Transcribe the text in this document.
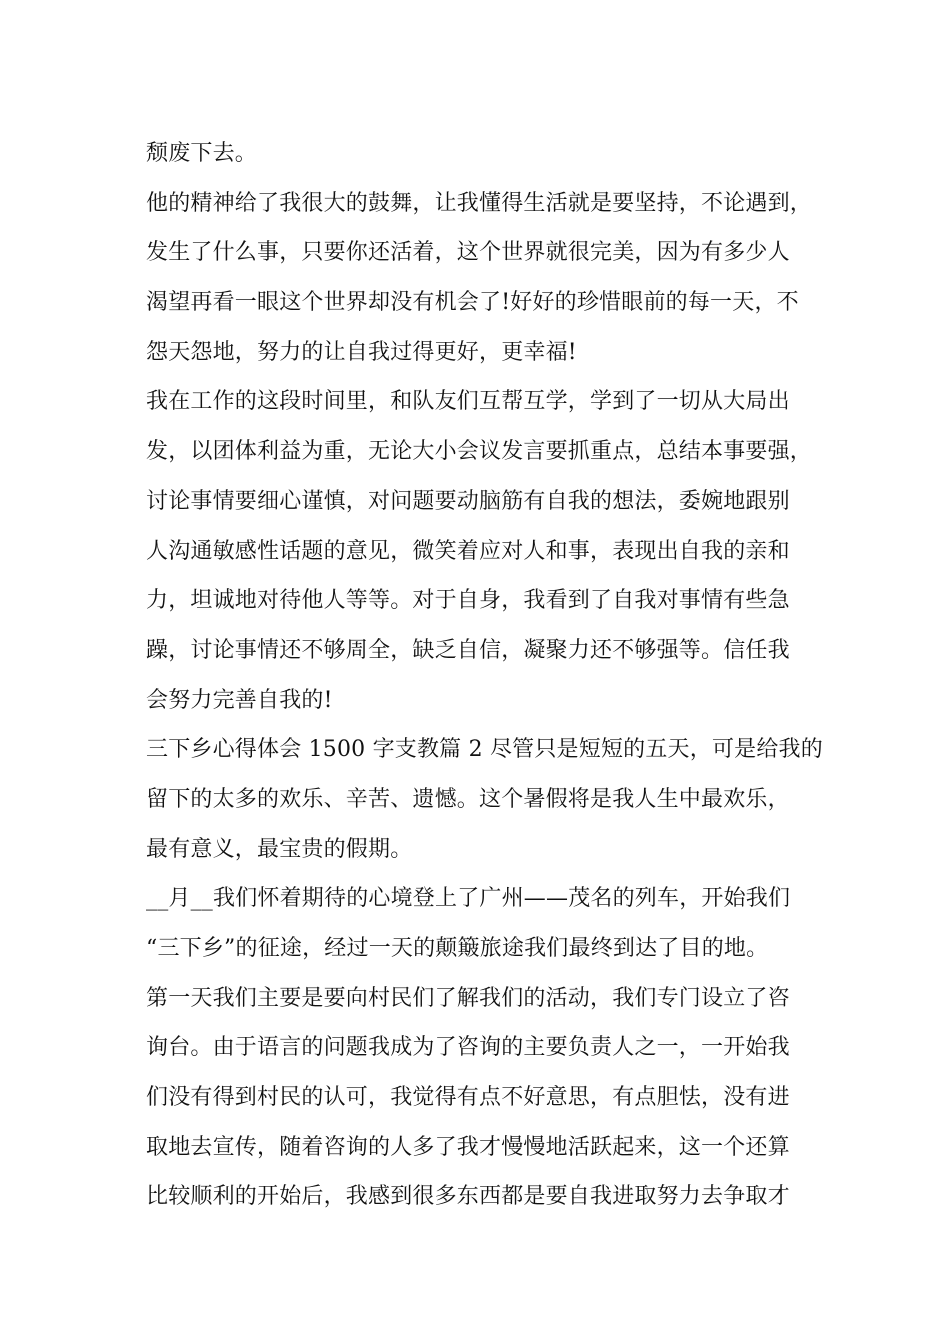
颓废下去。
他的精神给了我很大的鼓舞，让我懂得生活就是要坚持，不论遇到，
发生了什么事，只要你还活着，这个世界就很完美，因为有多少人
渴望再看一眼这个世界却没有机会了!好好的珍惜眼前的每一天，不
怨天怨地，努力的让自我过得更好，更幸福!
我在工作的这段时间里，和队友们互帮互学，学到了一切从大局出
发，以团体利益为重，无论大小会议发言要抓重点，总结本事要强，
讨论事情要细心谨慎，对问题要动脑筋有自我的想法，委婉地跟别
人沟通敏感性话题的意见，微笑着应对人和事，表现出自我的亲和
力，坦诚地对待他人等等。对于自身，我看到了自我对事情有些急
躁，讨论事情还不够周全，缺乏自信，凝聚力还不够强等。信任我
会努力完善自我的!
三下乡心得体会 1500 字支教篇 2 尽管只是短短的五天，可是给我的
留下的太多的欢乐、辛苦、遗憾。这个暑假将是我人生中最欢乐，
最有意义，最宝贵的假期。
__月__我们怀着期待的心境登上了广州——茂名的列车，开始我们
“三下乡”的征途，经过一天的颠簸旅途我们最终到达了目的地。
第一天我们主要是要向村民们了解我们的活动，我们专门设立了咨
询台。由于语言的问题我成为了咨询的主要负责人之一，一开始我
们没有得到村民的认可，我觉得有点不好意思，有点胆怯，没有进
取地去宣传，随着咨询的人多了我才慢慢地活跃起来，这一个还算
比较顺利的开始后，我感到很多东西都是要自我进取努力去争取才
